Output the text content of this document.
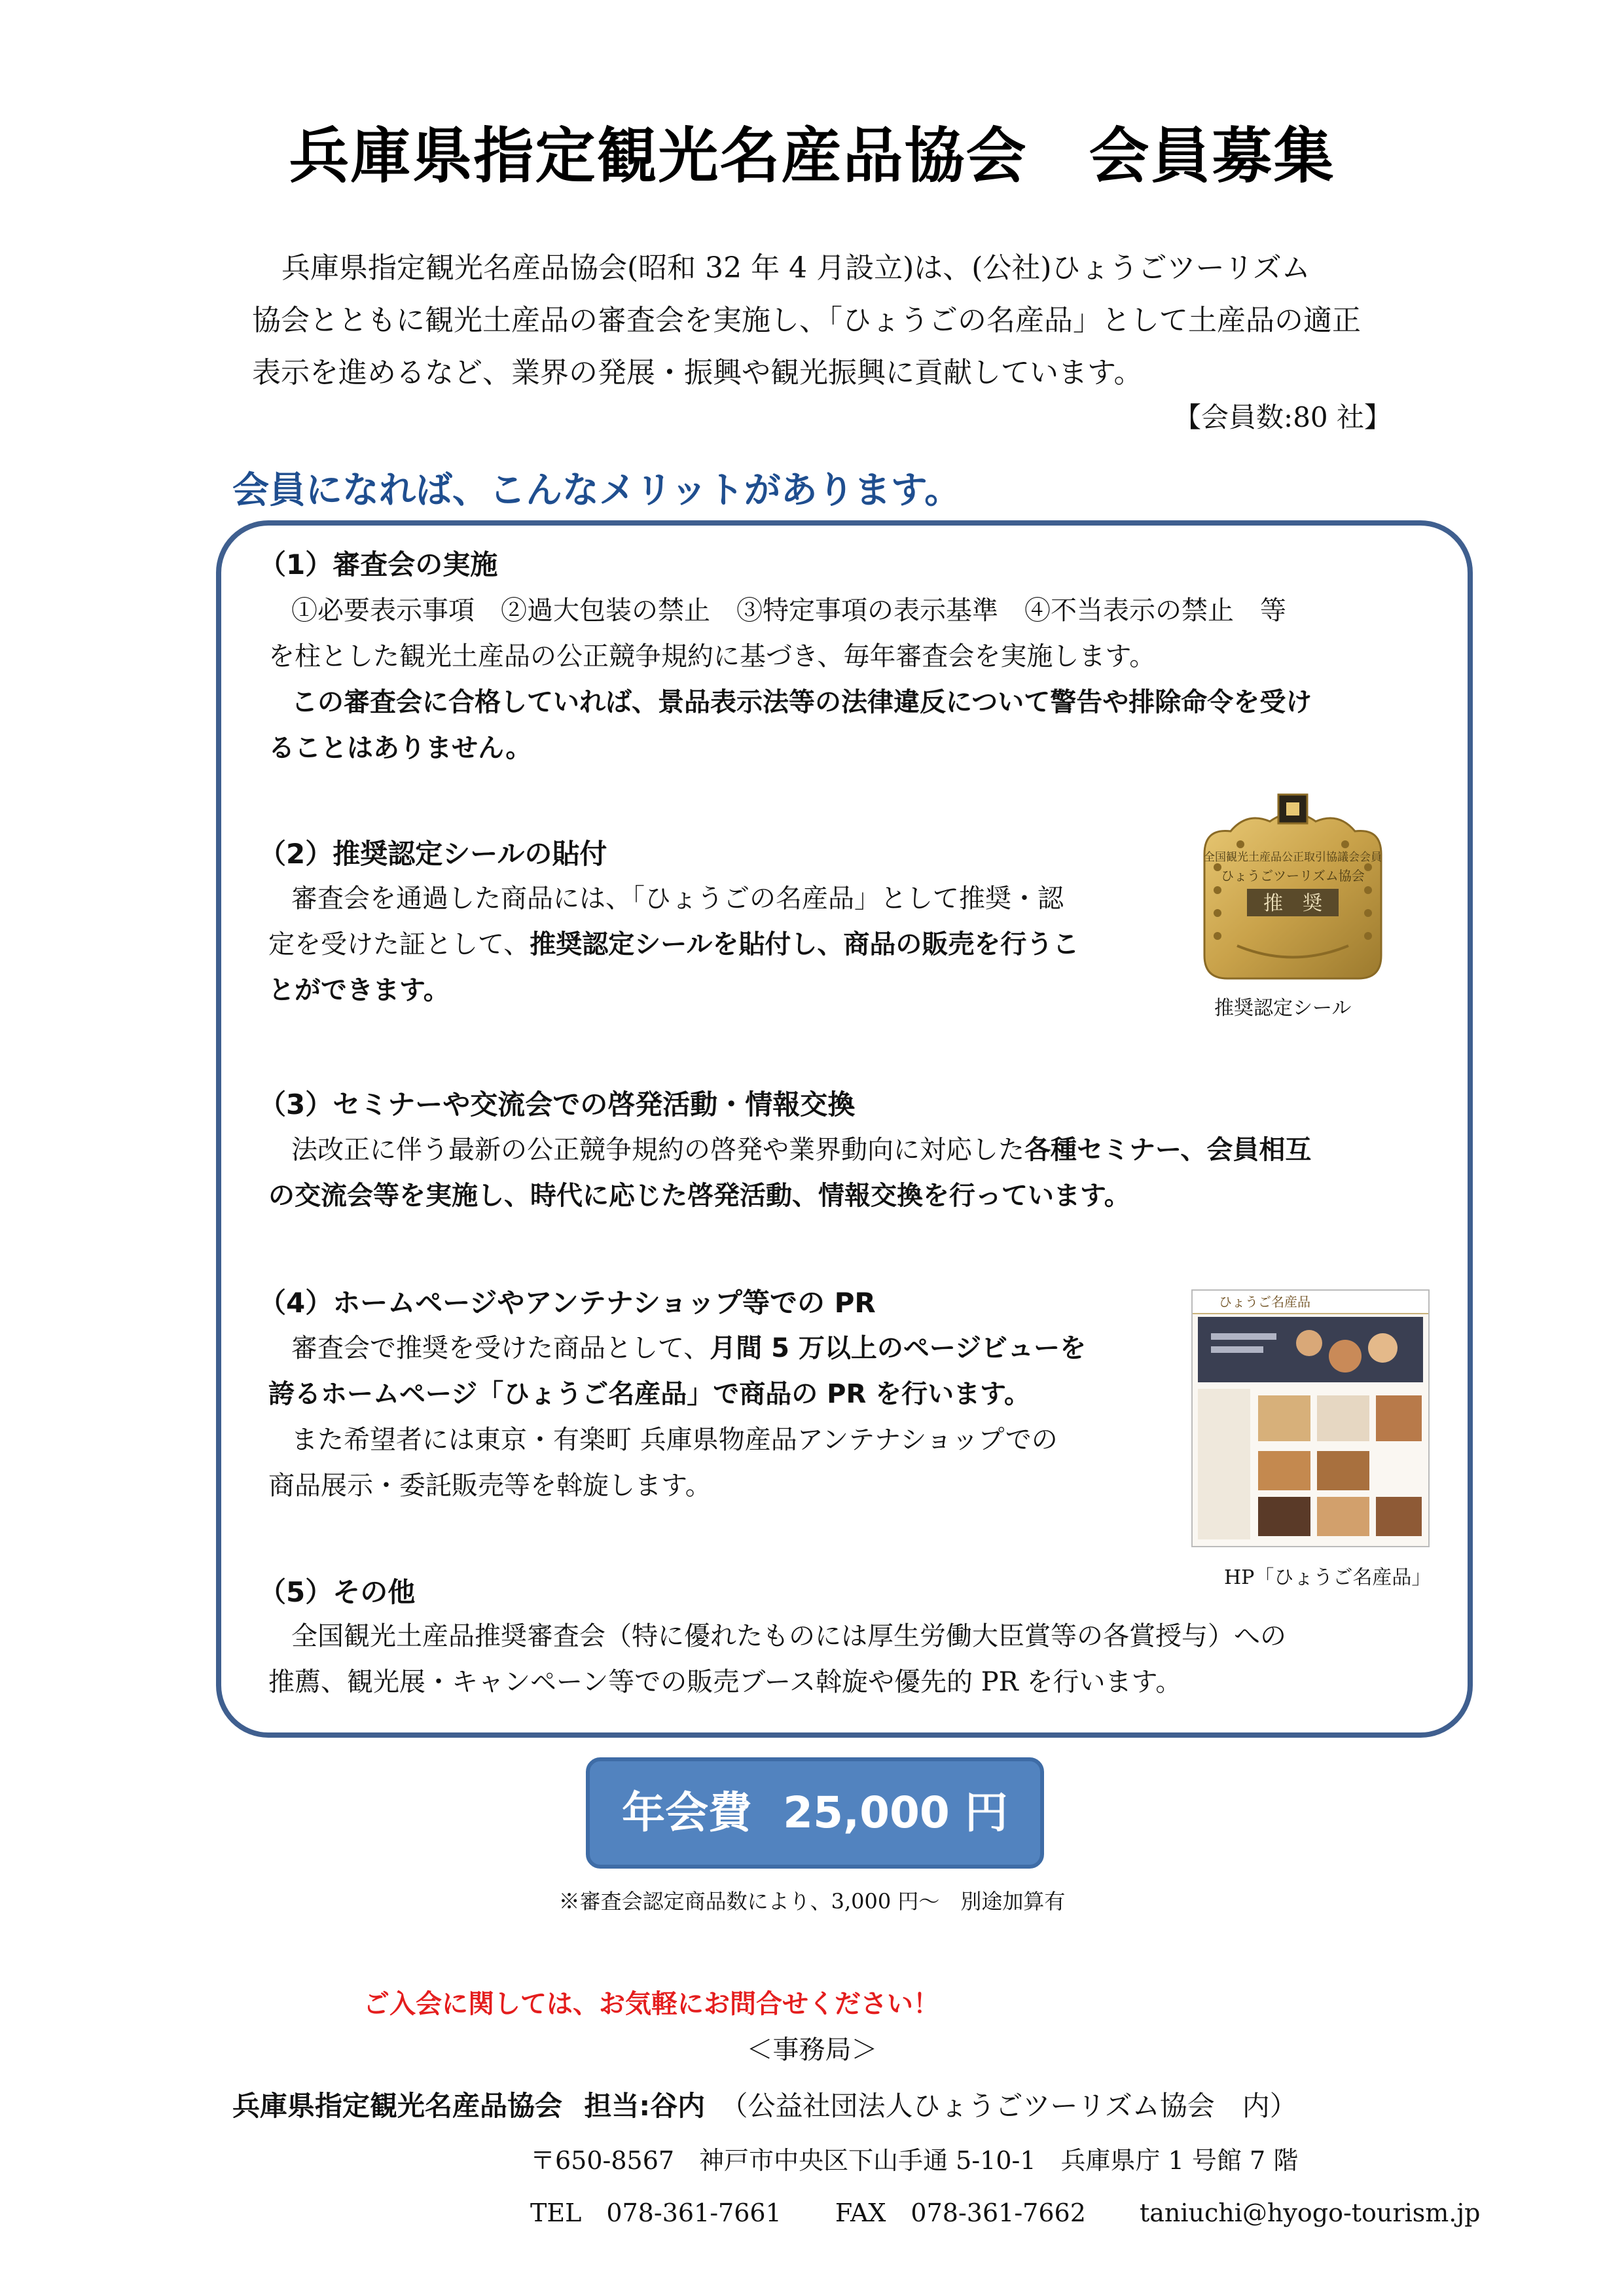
兵庫県指定観光名産品協会　会員募集
兵庫県指定観光名産品協会(昭和 32 年 4 月設立)は、(公社)ひょうごツーリズム
協会とともに観光土産品の審査会を実施し、「ひょうごの名産品」として土産品の適正
表示を進めるなど、業界の発展・振興や観光振興に貢献しています。
【会員数:80 社】
会員になれば、こんなメリットがあります。
（1）審査会の実施
①必要表示事項　②過大包装の禁止　③特定事項の表示基準　④不当表示の禁止　等
を柱とした観光土産品の公正競争規約に基づき、毎年審査会を実施します。
この審査会に合格していれば、景品表示法等の法律違反について警告や排除命令を受け
ることはありません。
（2）推奨認定シールの貼付
審査会を通過した商品には、「ひょうごの名産品」として推奨・認
定を受けた証として、推奨認定シールを貼付し、商品の販売を行うこ
とができます。
全国観光土産品公正取引協議会会員
ひょうごツーリズム協会
推　奨
推奨認定シール
（3）セミナーや交流会での啓発活動・情報交換
法改正に伴う最新の公正競争規約の啓発や業界動向に対応した各種セミナー、会員相互
の交流会等を実施し、時代に応じた啓発活動、情報交換を行っています。
（4）ホームページやアンテナショップ等での PR
審査会で推奨を受けた商品として、月間 5 万以上のページビューを
誇るホームページ「ひょうご名産品」で商品の PR を行います。
また希望者には東京・有楽町 兵庫県物産品アンテナショップでの
商品展示・委託販売等を斡旋します。
ひょうご名産品
HP「ひょうご名産品」
（5）その他
全国観光土産品推奨審査会（特に優れたものには厚生労働大臣賞等の各賞授与）への
推薦、観光展・キャンペーン等での販売ブース斡旋や優先的 PR を行います。
年会費 25,000 円
※審査会認定商品数により、3,000 円～　別途加算有
ご入会に関しては、お気軽にお問合せください！
＜事務局＞
兵庫県指定観光名産品協会 担当:谷内 （公益社団法人ひょうごツーリズム協会　内）
〒650-8567　神戸市中央区下山手通 5-10-1　兵庫県庁 1 号館 7 階
TEL　078-361-7661 FAX　078-361-7662 taniuchi@hyogo-tourism.jp
